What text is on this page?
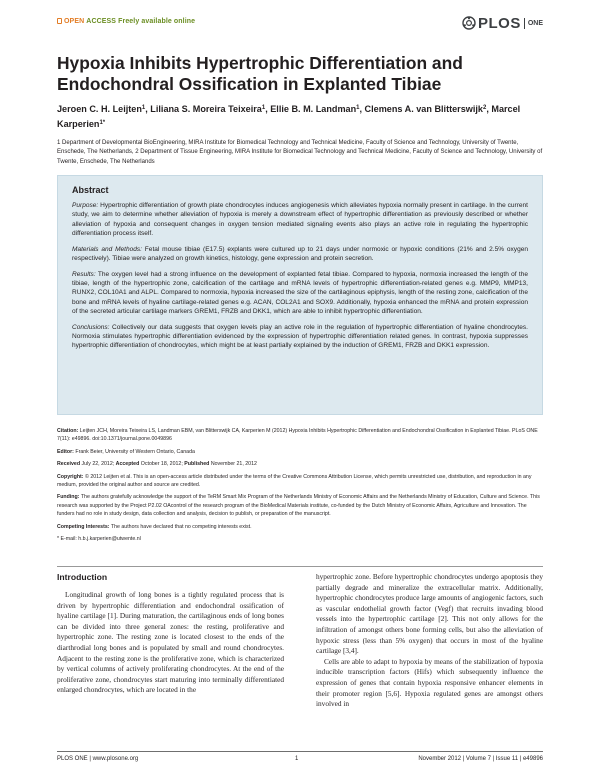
OPEN ACCESS Freely available online	PLOS ONE
Hypoxia Inhibits Hypertrophic Differentiation and Endochondral Ossification in Explanted Tibiae
Jeroen C. H. Leijten$^1$, Liliana S. Moreira Teixeira$^1$, Ellie B. M. Landman$^1$, Clemens A. van Blitterswijk$^2$, Marcel Karperien$^{1*}$
1 Department of Developmental BioEngineering, MIRA Institute for Biomedical Technology and Technical Medicine, Faculty of Science and Technology, University of Twente, Enschede, The Netherlands, 2 Department of Tissue Engineering, MIRA Institute for Biomedical Technology and Technical Medicine, Faculty of Science and Technology, University of Twente, Enschede, The Netherlands
Abstract

Purpose: Hypertrophic differentiation of growth plate chondrocytes induces angiogenesis which alleviates hypoxia normally present in cartilage. In the current study, we aim to determine whether alleviation of hypoxia is merely a downstream effect of hypertrophic differentiation as previously described or whether alleviation of hypoxia and consequent changes in oxygen tension mediated signaling events also plays an active role in regulating the hypertrophic differentiation process itself.

Materials and Methods: Fetal mouse tibiae (E17.5) explants were cultured up to 21 days under normoxic or hypoxic conditions (21% and 2.5% oxygen respectively). Tibiae were analyzed on growth kinetics, histology, gene expression and protein secretion.

Results: The oxygen level had a strong influence on the development of explanted fetal tibiae. Compared to hypoxia, normoxia increased the length of the tibiae, length of the hypertrophic zone, calcification of the cartilage and mRNA levels of hypertrophic differentiation-related genes e.g. MMP9, MMP13, RUNX2, COL10A1 and ALPL. Compared to normoxia, hypoxia increased the size of the cartilaginous epiphysis, length of the resting zone, calcification of the bone and mRNA levels of hyaline cartilage-related genes e.g. ACAN, COL2A1 and SOX9. Additionally, hypoxia enhanced the mRNA and protein expression of the secreted articular cartilage markers GREM1, FRZB and DKK1, which are able to inhibit hypertrophic differentiation.

Conclusions: Collectively our data suggests that oxygen levels play an active role in the regulation of hypertrophic differentiation of hyaline chondrocytes. Normoxia stimulates hypertrophic differentiation evidenced by the expression of hypertrophic differentiation related genes. In contrast, hypoxia suppresses hypertrophic differentiation of chondrocytes, which might be at least partially explained by the induction of GREM1, FRZB and DKK1 expression.

Citation: Leijten JCH, Moreira Teixeira LS, Landman EBM, van Blitterswijk CA, Karperien M (2012) Hypoxia Inhibits Hypertrophic Differentiation and Endochondral Ossification in Explanted Tibiae. PLoS ONE 7(11): e49896. doi:10.1371/journal.pone.0049896

Editor: Frank Beier, University of Western Ontario, Canada

Received July 22, 2012; Accepted October 18, 2012; Published November 21, 2012

Copyright: © 2012 Leijten et al. This is an open-access article distributed under the terms of the Creative Commons Attribution License, which permits unrestricted use, distribution, and reproduction in any medium, provided the original author and source are credited.

Funding: The authors gratefully acknowledge the support of the TeRM Smart Mix Program of the Netherlands Ministry of Economic Affairs and the Netherlands Ministry of Education, Culture and Science. This research was supported by the Project P2.02 OAcontrol of the research program of the BioMedical Materials institute, co-funded by the Dutch Ministry of Economic Affairs, Agriculture and Innovation. The funders had no role in study design, data collection and analysis, decision to publish, or preparation of the manuscript.

Competing Interests: The authors have declared that no competing interests exist.

* E-mail: h.b.j.karperien@utwente.nl

Introduction

Longitudinal growth of long bones is a tightly regulated process that is driven by hypertrophic differentiation and endochondral ossification of hyaline cartilage [1]. During maturation, the cartilaginous ends of long bones can be divided into three general zones: the resting, proliferative and hypertrophic zone. The resting zone is located closest to the ends of the diarthrodial long bones and is populated by small and round chondrocytes. Adjacent to the resting zone is the proliferative zone, which is characterized by vertical columns of actively proliferating chondrocytes. At the end of the proliferative zone, chondrocytes start maturing into terminally differentiated enlarged chondrocytes, which are located in the

hypertrophic zone. Before hypertrophic chondrocytes undergo apoptosis they partially degrade and mineralize the extracellular matrix. Additionally, hypertrophic chondrocytes produce large amounts of angiogenic factors, such as vascular endothelial growth factor (Vegf) that recruits invading blood vessels into the hypertrophic cartilage [2]. This not only allows for the infiltration of amongst others bone forming cells, but also the alleviation of hypoxic stress (less than 5% oxygen) that occurs in most of the hyaline cartilage [3,4].

Cells are able to adapt to hypoxia by means of the stabilization of hypoxia inducible transcription factors (Hifs) which subsequently influence the expression of genes that contain hypoxia responsive enhancer elements in their promoter region [5,6]. Hypoxia regulated genes are amongst others involved in

PLOS ONE | www.plosone.org	1	November 2012 | Volume 7 | Issue 11 | e49896
